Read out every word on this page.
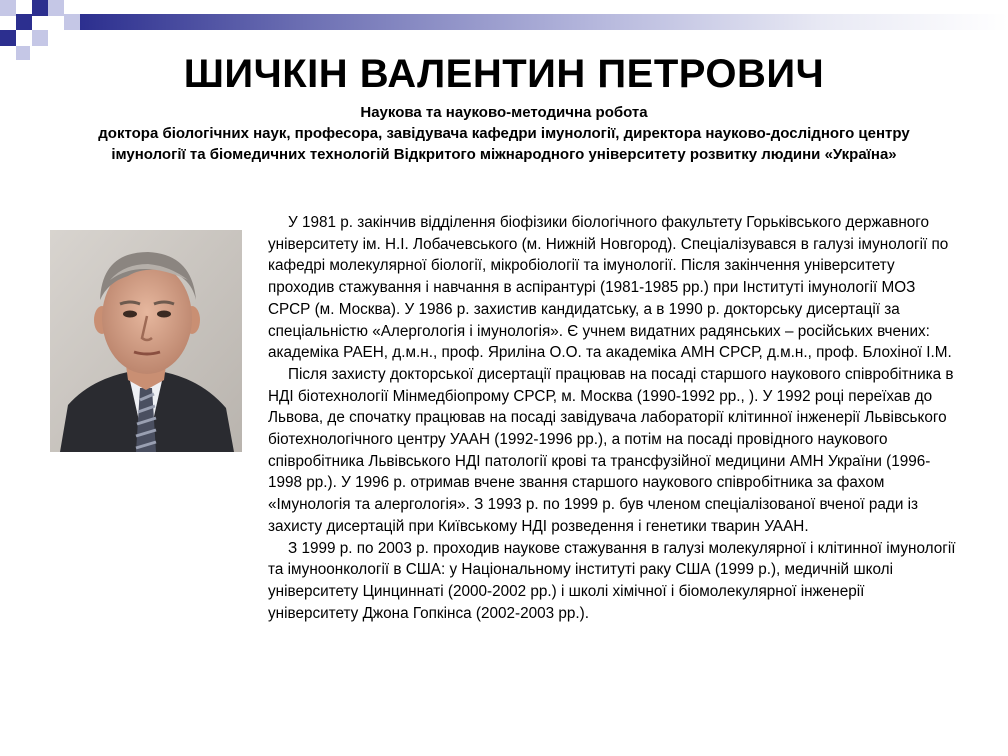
ШИЧКІН ВАЛЕНТИН ПЕТРОВИЧ
Наукова та науково-методична робота
доктора біологічних наук, професора, завідувача кафедри імунології, директора науково-дослідного центру імунології та біомедичних технологій Відкритого міжнародного університету розвитку людини «Україна»

У 1981 р. закінчив відділення біофізики біологічного факультету Горьківського державного університету ім. Н.І. Лобачевського (м. Нижній Новгород). Спеціалізувався в галузі імунології по кафедрі молекулярної біології, мікробіології та імунології. Після закінчення університету проходив стажування і навчання в аспірантурі (1981-1985 рр.) при Інституті імунології МОЗ СРСР (м. Москва). У 1986 р. захистив кандидатську, а в 1990 р. докторську дисертації за спеціальністю «Алергологія і імунологія». Є учнем видатних радянських – російських вчених: академіка РАЕН, д.м.н., проф. Яриліна О.О. та академіка АМН СРСР, д.м.н., проф. Блохіної І.М.

Після захисту докторської дисертації працював на посаді старшого наукового співробітника в НДІ біотехнології Мінмедбіопрому СРСР, м. Москва (1990-1992 рр., ). У 1992 році переїхав до Львова, де спочатку працював на посаді завідувача лабораторії клітинної інженерії Львівського біотехнологічного центру УААН (1992-1996 рр.), а потім на посаді провідного наукового співробітника Львівського НДІ патології крові та трансфузійної медицини АМН України (1996-1998 рр.). У 1996 р. отримав вчене звання старшого наукового співробітника за фахом «Імунологія та алергологія». З 1993 р. по 1999 р. був членом спеціалізованої вченої ради із захисту дисертацій при Київському НДІ розведення і генетики тварин УААН.

З 1999 р. по 2003 р. проходив наукове стажування в галузі молекулярної і клітинної імунології та імуноонкології в США: у Національному інституті раку США (1999 р.), медичній школі університету Цинциннаті (2000-2002 рр.) і школі хімічної і біомолекулярної інженерії університету Джона Гопкінса (2002-2003 рр.).
